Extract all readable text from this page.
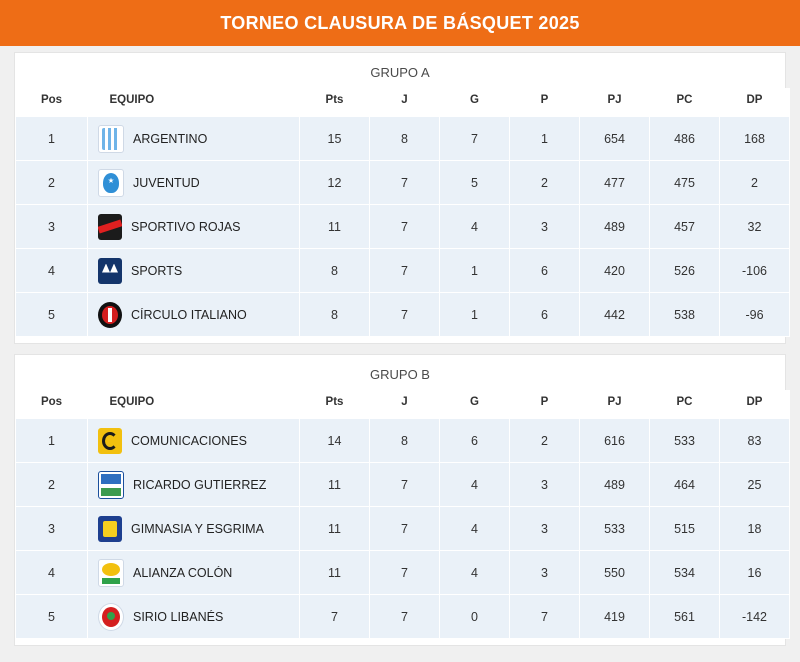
TORNEO CLAUSURA DE BÁSQUET 2025
GRUPO A
Pos	EQUIPO	Pts	J	G	P	PJ	PC	DP
1	ARGENTINO	15	8	7	1	654	486	168
2	JUVENTUD	12	7	5	2	477	475	2
3	SPORTIVO ROJAS	11	7	4	3	489	457	32
4	SPORTS	8	7	1	6	420	526	-106
5	CÍRCULO ITALIANO	8	7	1	6	442	538	-96
GRUPO B
Pos	EQUIPO	Pts	J	G	P	PJ	PC	DP
1	COMUNICACIONES	14	8	6	2	616	533	83
2	RICARDO GUTIERREZ	11	7	4	3	489	464	25
3	GIMNASIA Y ESGRIMA	11	7	4	3	533	515	18
4	ALIANZA COLÓN	11	7	4	3	550	534	16
5	SIRIO LIBANÉS	7	7	0	7	419	561	-142
